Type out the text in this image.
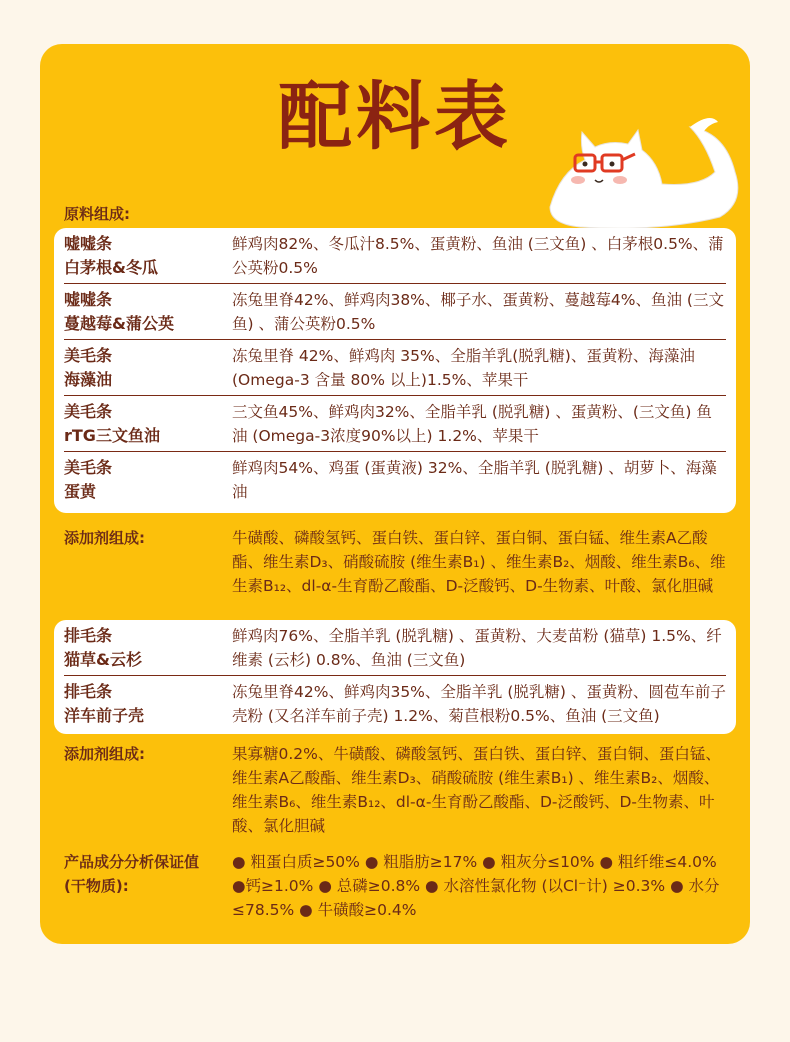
配料表
原料组成:
嘘嘘条
白茅根&冬瓜
鲜鸡肉82%、冬瓜汁8.5%、蛋黄粉、鱼油 (三文鱼) 、白茅根0.5%、蒲公英粉0.5%
嘘嘘条
蔓越莓&蒲公英
冻兔里脊42%、鲜鸡肉38%、椰子水、蛋黄粉、蔓越莓4%、鱼油 (三文鱼) 、蒲公英粉0.5%
美毛条
海藻油
冻兔里脊 42%、鲜鸡肉 35%、全脂羊乳(脱乳糖)、蛋黄粉、海藻油(Omega-3 含量 80% 以上)1.5%、苹果干
美毛条
rTG三文鱼油
三文鱼45%、鲜鸡肉32%、全脂羊乳 (脱乳糖) 、蛋黄粉、(三文鱼) 鱼油 (Omega-3浓度90%以上) 1.2%、苹果干
美毛条
蛋黄
鲜鸡肉54%、鸡蛋 (蛋黄液) 32%、全脂羊乳 (脱乳糖) 、胡萝卜、海藻油
添加剂组成:	牛磺酸、磷酸氢钙、蛋白铁、蛋白锌、蛋白铜、蛋白锰、维生素A乙酸酯、维生素D₃、硝酸硫胺 (维生素B₁) 、维生素B₂、烟酸、维生素B₆、维生素B₁₂、dl-α-生育酚乙酸酯、D-泛酸钙、D-生物素、叶酸、氯化胆碱
排毛条
猫草&云杉
鲜鸡肉76%、全脂羊乳 (脱乳糖) 、蛋黄粉、大麦苗粉 (猫草) 1.5%、纤维素 (云杉) 0.8%、鱼油 (三文鱼)
排毛条
洋车前子壳
冻兔里脊42%、鲜鸡肉35%、全脂羊乳 (脱乳糖) 、蛋黄粉、圆苞车前子壳粉 (又名洋车前子壳) 1.2%、菊苣根粉0.5%、鱼油 (三文鱼)
添加剂组成:	果寡糖0.2%、牛磺酸、磷酸氢钙、蛋白铁、蛋白锌、蛋白铜、蛋白锰、维生素A乙酸酯、维生素D₃、硝酸硫胺 (维生素B₁) 、维生素B₂、烟酸、维生素B₆、维生素B₁₂、dl-α-生育酚乙酸酯、D-泛酸钙、D-生物素、叶酸、氯化胆碱
产品成分分析保证值
(干物质):
● 粗蛋白质≥50% ● 粗脂肪≥17% ● 粗灰分≤10% ● 粗纤维≤4.0% ●钙≥1.0% ● 总磷≥0.8% ● 水溶性氯化物 (以Cl⁻计) ≥0.3% ● 水分≤78.5% ● 牛磺酸≥0.4%
